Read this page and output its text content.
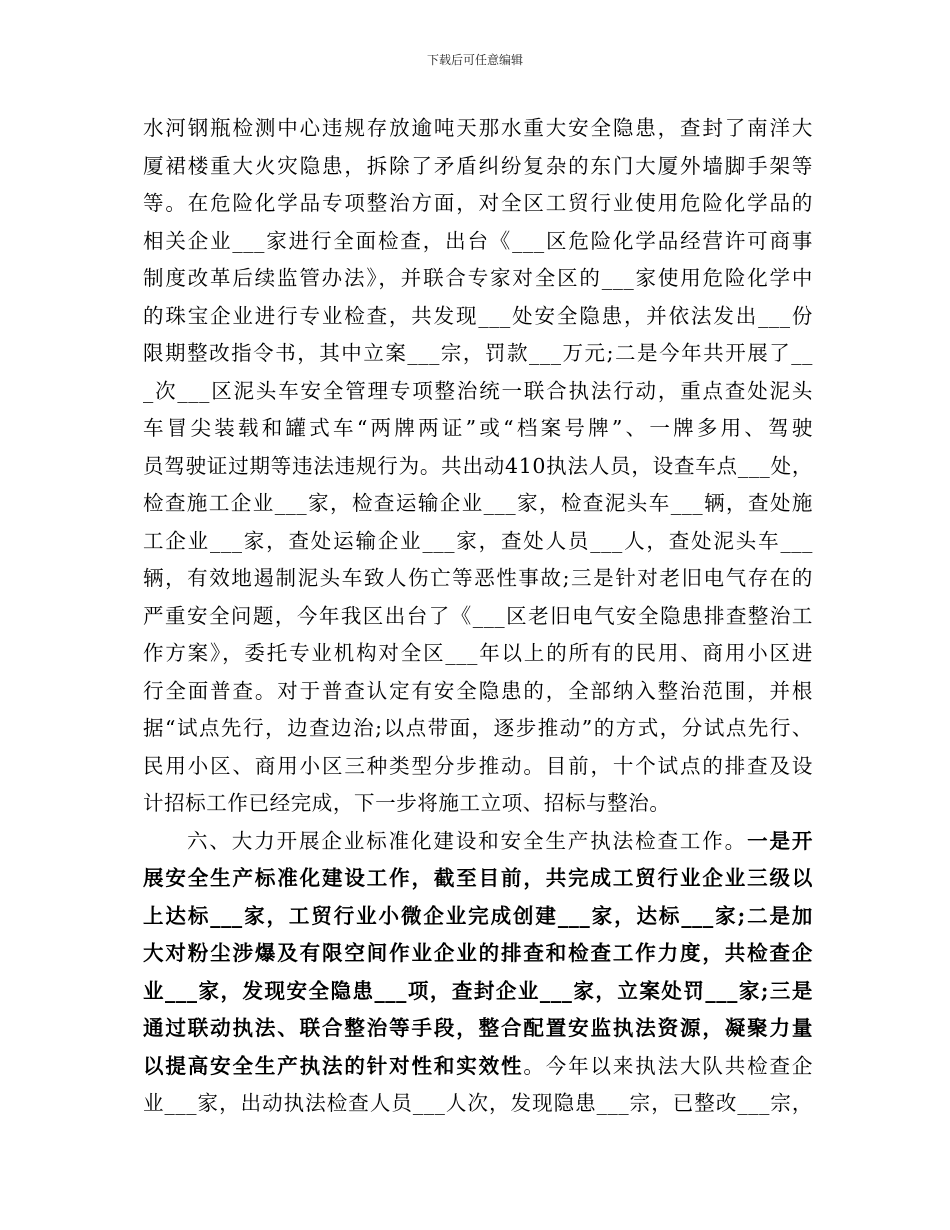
下载后可任意编辑
水河钢瓶检测中心违规存放逾吨天那水重大安全隐患，查封了南洋大
厦裙楼重大火灾隐患，拆除了矛盾纠纷复杂的东门大厦外墙脚手架等
等。在危险化学品专项整治方面，对全区工贸行业使用危险化学品的
相关企业___家进行全面检查，出台《___区危险化学品经营许可商事
制度改革后续监管办法》，并联合专家对全区的___家使用危险化学中
的珠宝企业进行专业检查，共发现___处安全隐患，并依法发出___份
限期整改指令书，其中立案___宗，罚款___万元;二是今年共开展了__
_次___区泥头车安全管理专项整治统一联合执法行动，重点查处泥头
车冒尖装载和罐式车“两牌两证”或“档案号牌”、一牌多用、驾驶
员驾驶证过期等违法违规行为。共出动410执法人员，设查车点___处，
检查施工企业___家，检查运输企业___家，检查泥头车___辆，查处施
工企业___家，查处运输企业___家，查处人员___人，查处泥头车___
辆，有效地遏制泥头车致人伤亡等恶性事故;三是针对老旧电气存在的
严重安全问题，今年我区出台了《___区老旧电气安全隐患排查整治工
作方案》，委托专业机构对全区___年以上的所有的民用、商用小区进
行全面普查。对于普查认定有安全隐患的，全部纳入整治范围，并根
据“试点先行，边查边治;以点带面，逐步推动”的方式，分试点先行、
民用小区、商用小区三种类型分步推动。目前，十个试点的排查及设
计招标工作已经完成，下一步将施工立项、招标与整治。
六、大力开展企业标准化建设和安全生产执法检查工作。一是开
展安全生产标准化建设工作，截至目前，共完成工贸行业企业三级以
上达标___家，工贸行业小微企业完成创建___家，达标___家;二是加
大对粉尘涉爆及有限空间作业企业的排查和检查工作力度，共检查企
业___家，发现安全隐患___项，查封企业___家，立案处罚___家;三是
通过联动执法、联合整治等手段，整合配置安监执法资源，凝聚力量
以提高安全生产执法的针对性和实效性。今年以来执法大队共检查企
业___家，出动执法检查人员___人次，发现隐患___宗，已整改___宗，
